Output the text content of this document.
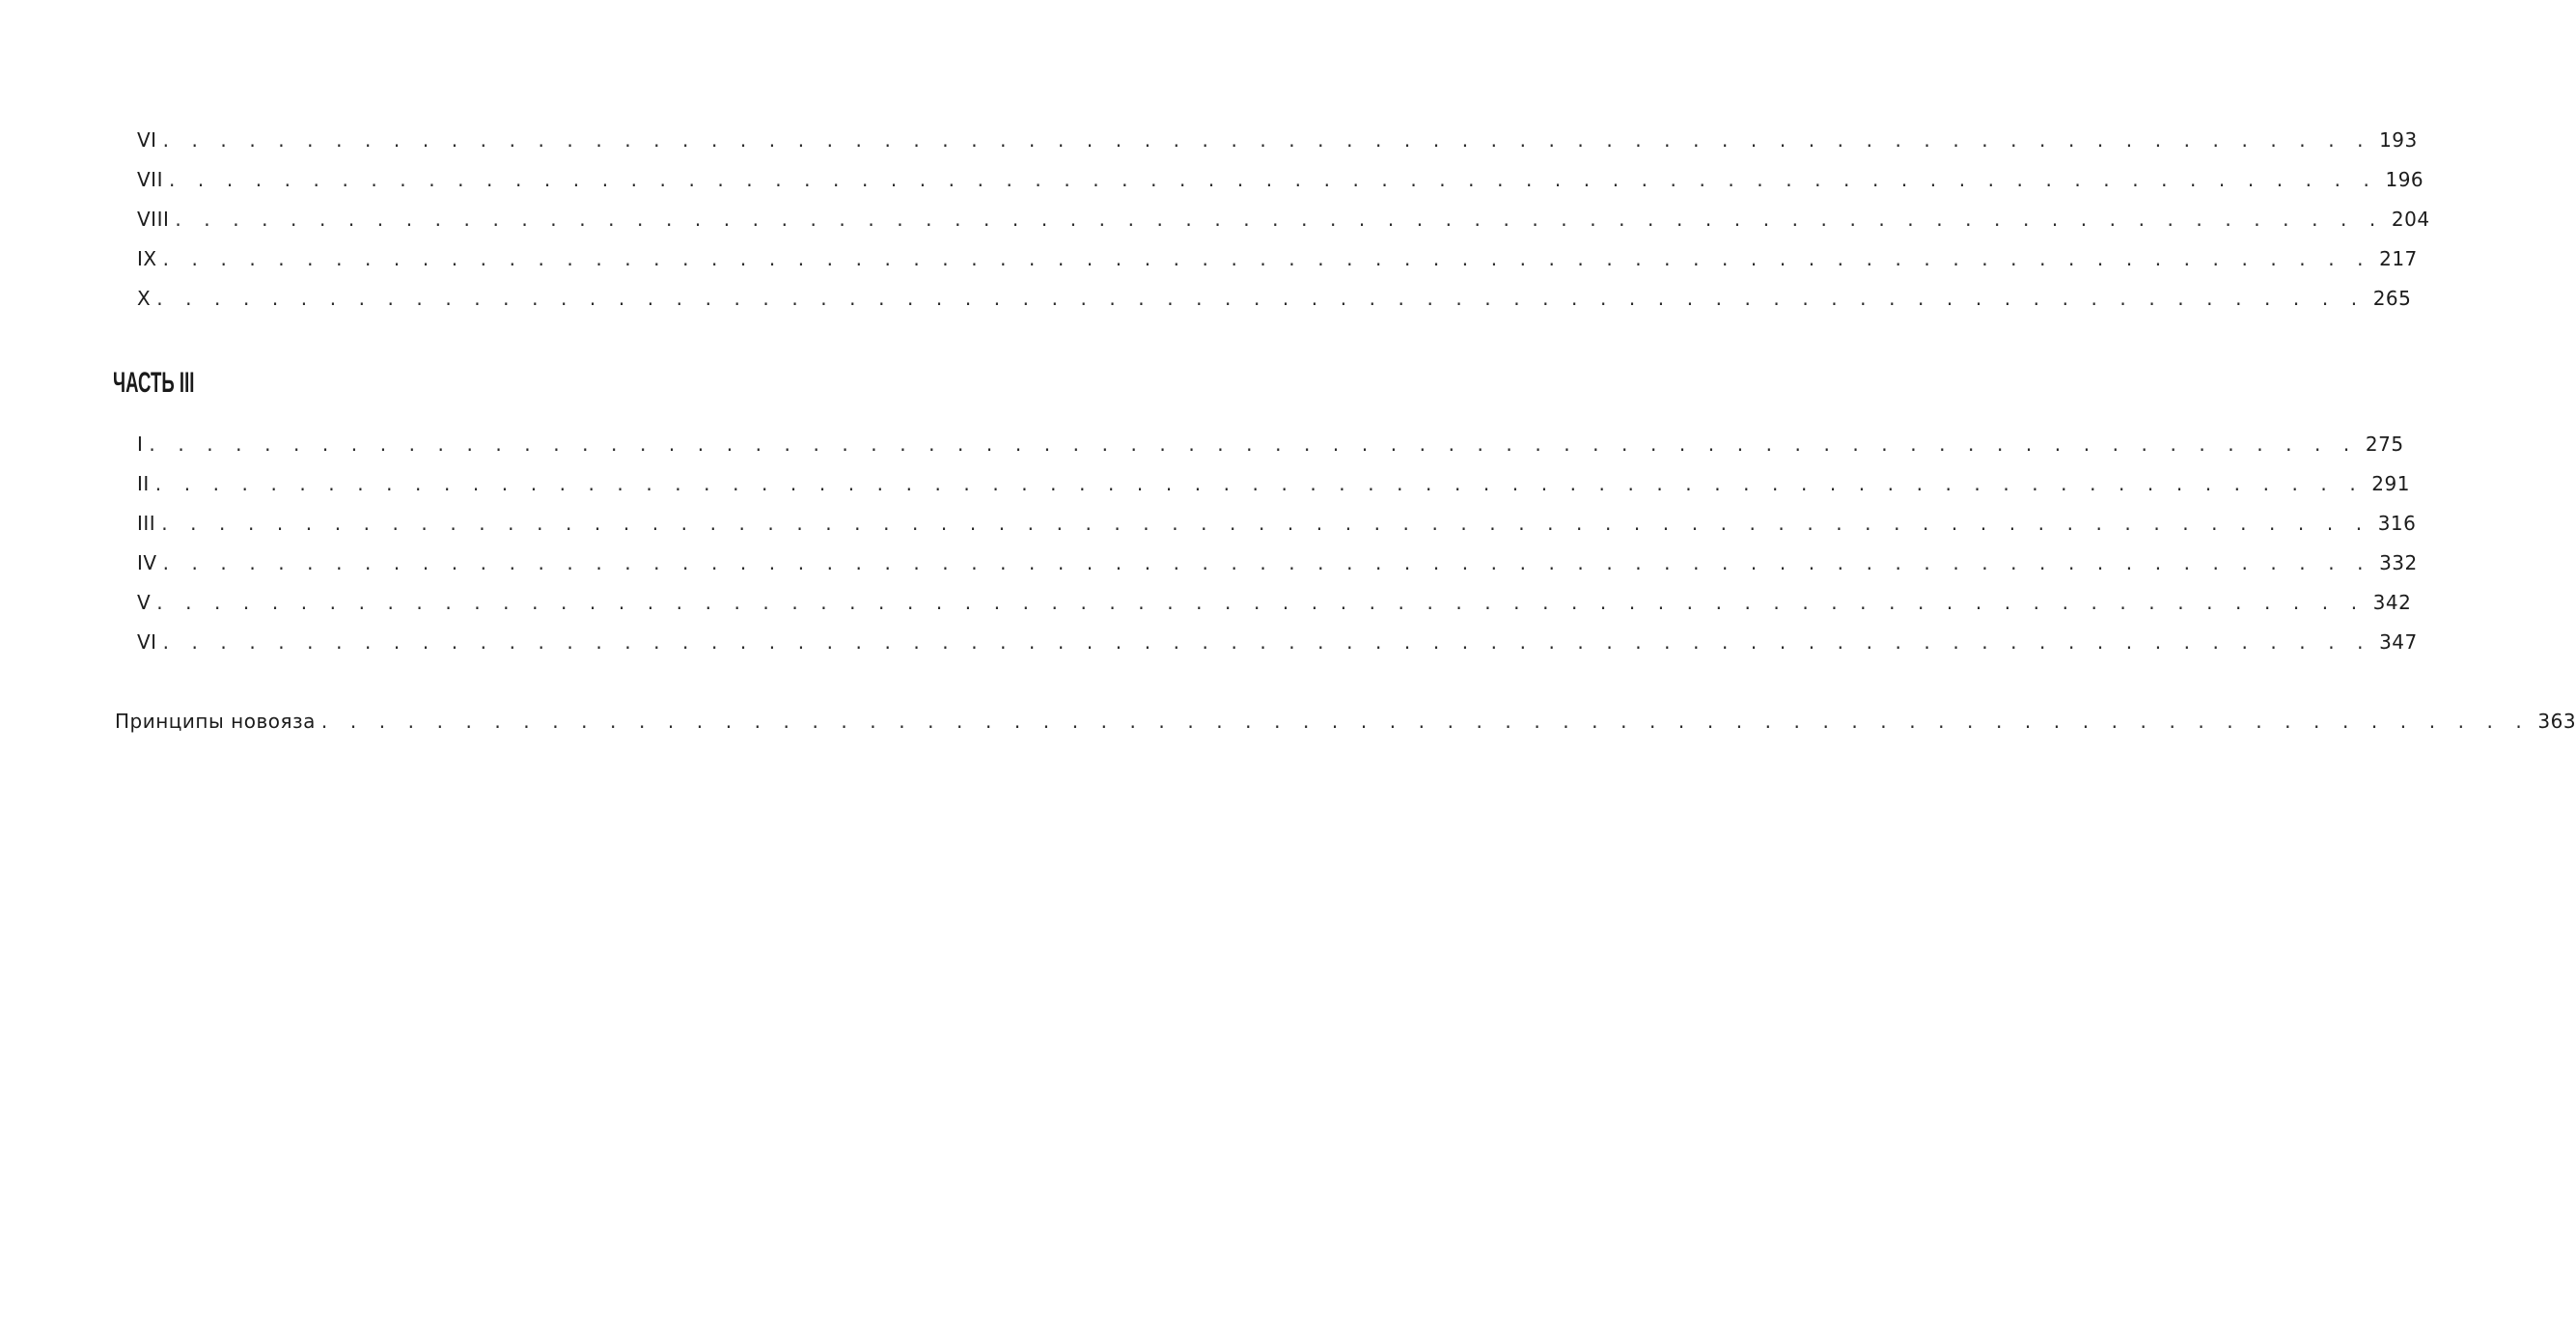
VI . . . . . . . . . . . . . . . . . . . . . . . . . . . . . . . . . . . . . . . . . . . . . . . . . . . . . . . . . . . . . . . . . . . . . . . . . . . . . 193
VII . . . . . . . . . . . . . . . . . . . . . . . . . . . . . . . . . . . . . . . . . . . . . . . . . . . . . . . . . . . . . . . . . . . . . . . . . . . . . 196
VIII . . . . . . . . . . . . . . . . . . . . . . . . . . . . . . . . . . . . . . . . . . . . . . . . . . . . . . . . . . . . . . . . . . . . . . . . . . . . . 204
IX . . . . . . . . . . . . . . . . . . . . . . . . . . . . . . . . . . . . . . . . . . . . . . . . . . . . . . . . . . . . . . . . . . . . . . . . . . . . . 217
X . . . . . . . . . . . . . . . . . . . . . . . . . . . . . . . . . . . . . . . . . . . . . . . . . . . . . . . . . . . . . . . . . . . . . . . . . . . . . 265
ЧАСТЬ III
I . . . . . . . . . . . . . . . . . . . . . . . . . . . . . . . . . . . . . . . . . . . . . . . . . . . . . . . . . . . . . . . . . . . . . . . . . . . . . 275
II . . . . . . . . . . . . . . . . . . . . . . . . . . . . . . . . . . . . . . . . . . . . . . . . . . . . . . . . . . . . . . . . . . . . . . . . . . . . . 291
III . . . . . . . . . . . . . . . . . . . . . . . . . . . . . . . . . . . . . . . . . . . . . . . . . . . . . . . . . . . . . . . . . . . . . . . . . . . . . 316
IV . . . . . . . . . . . . . . . . . . . . . . . . . . . . . . . . . . . . . . . . . . . . . . . . . . . . . . . . . . . . . . . . . . . . . . . . . . . . . 332
V . . . . . . . . . . . . . . . . . . . . . . . . . . . . . . . . . . . . . . . . . . . . . . . . . . . . . . . . . . . . . . . . . . . . . . . . . . . . . 342
VI . . . . . . . . . . . . . . . . . . . . . . . . . . . . . . . . . . . . . . . . . . . . . . . . . . . . . . . . . . . . . . . . . . . . . . . . . . . . . 347
Принципы новояза . . . . . . . . . . . . . . . . . . . . . . . . . . . . . . . . . . . . . . . . . . . . . . . . . . . . . . . . . . . . . . . . . . . . . . . . . . . . . 363
